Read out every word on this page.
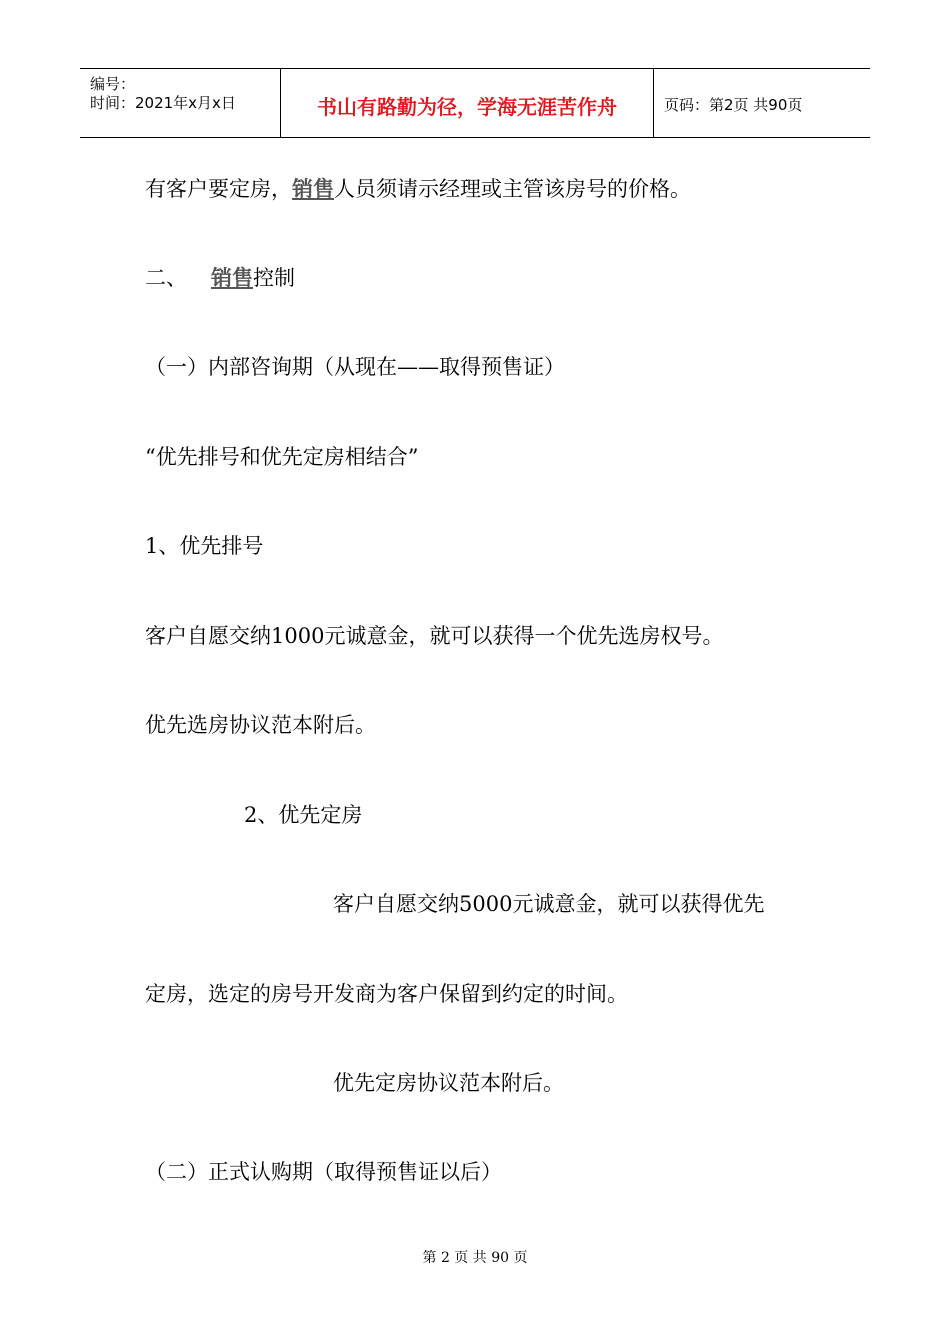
编号：
时间：2021年x月x日	书山有路勤为径，学海无涯苦作舟	页码：第2页 共90页
有客户要定房，销售人员须请示经理或主管该房号的价格。
二、 销售控制
（一）内部咨询期（从现在——取得预售证）
“优先排号和优先定房相结合”
1、优先排号
客户自愿交纳1000元诚意金，就可以获得一个优先选房权号。
优先选房协议范本附后。
2、优先定房
客户自愿交纳5000元诚意金，就可以获得优先
定房，选定的房号开发商为客户保留到约定的时间。
优先定房协议范本附后。
（二）正式认购期（取得预售证以后）
第 2 页 共 90 页
